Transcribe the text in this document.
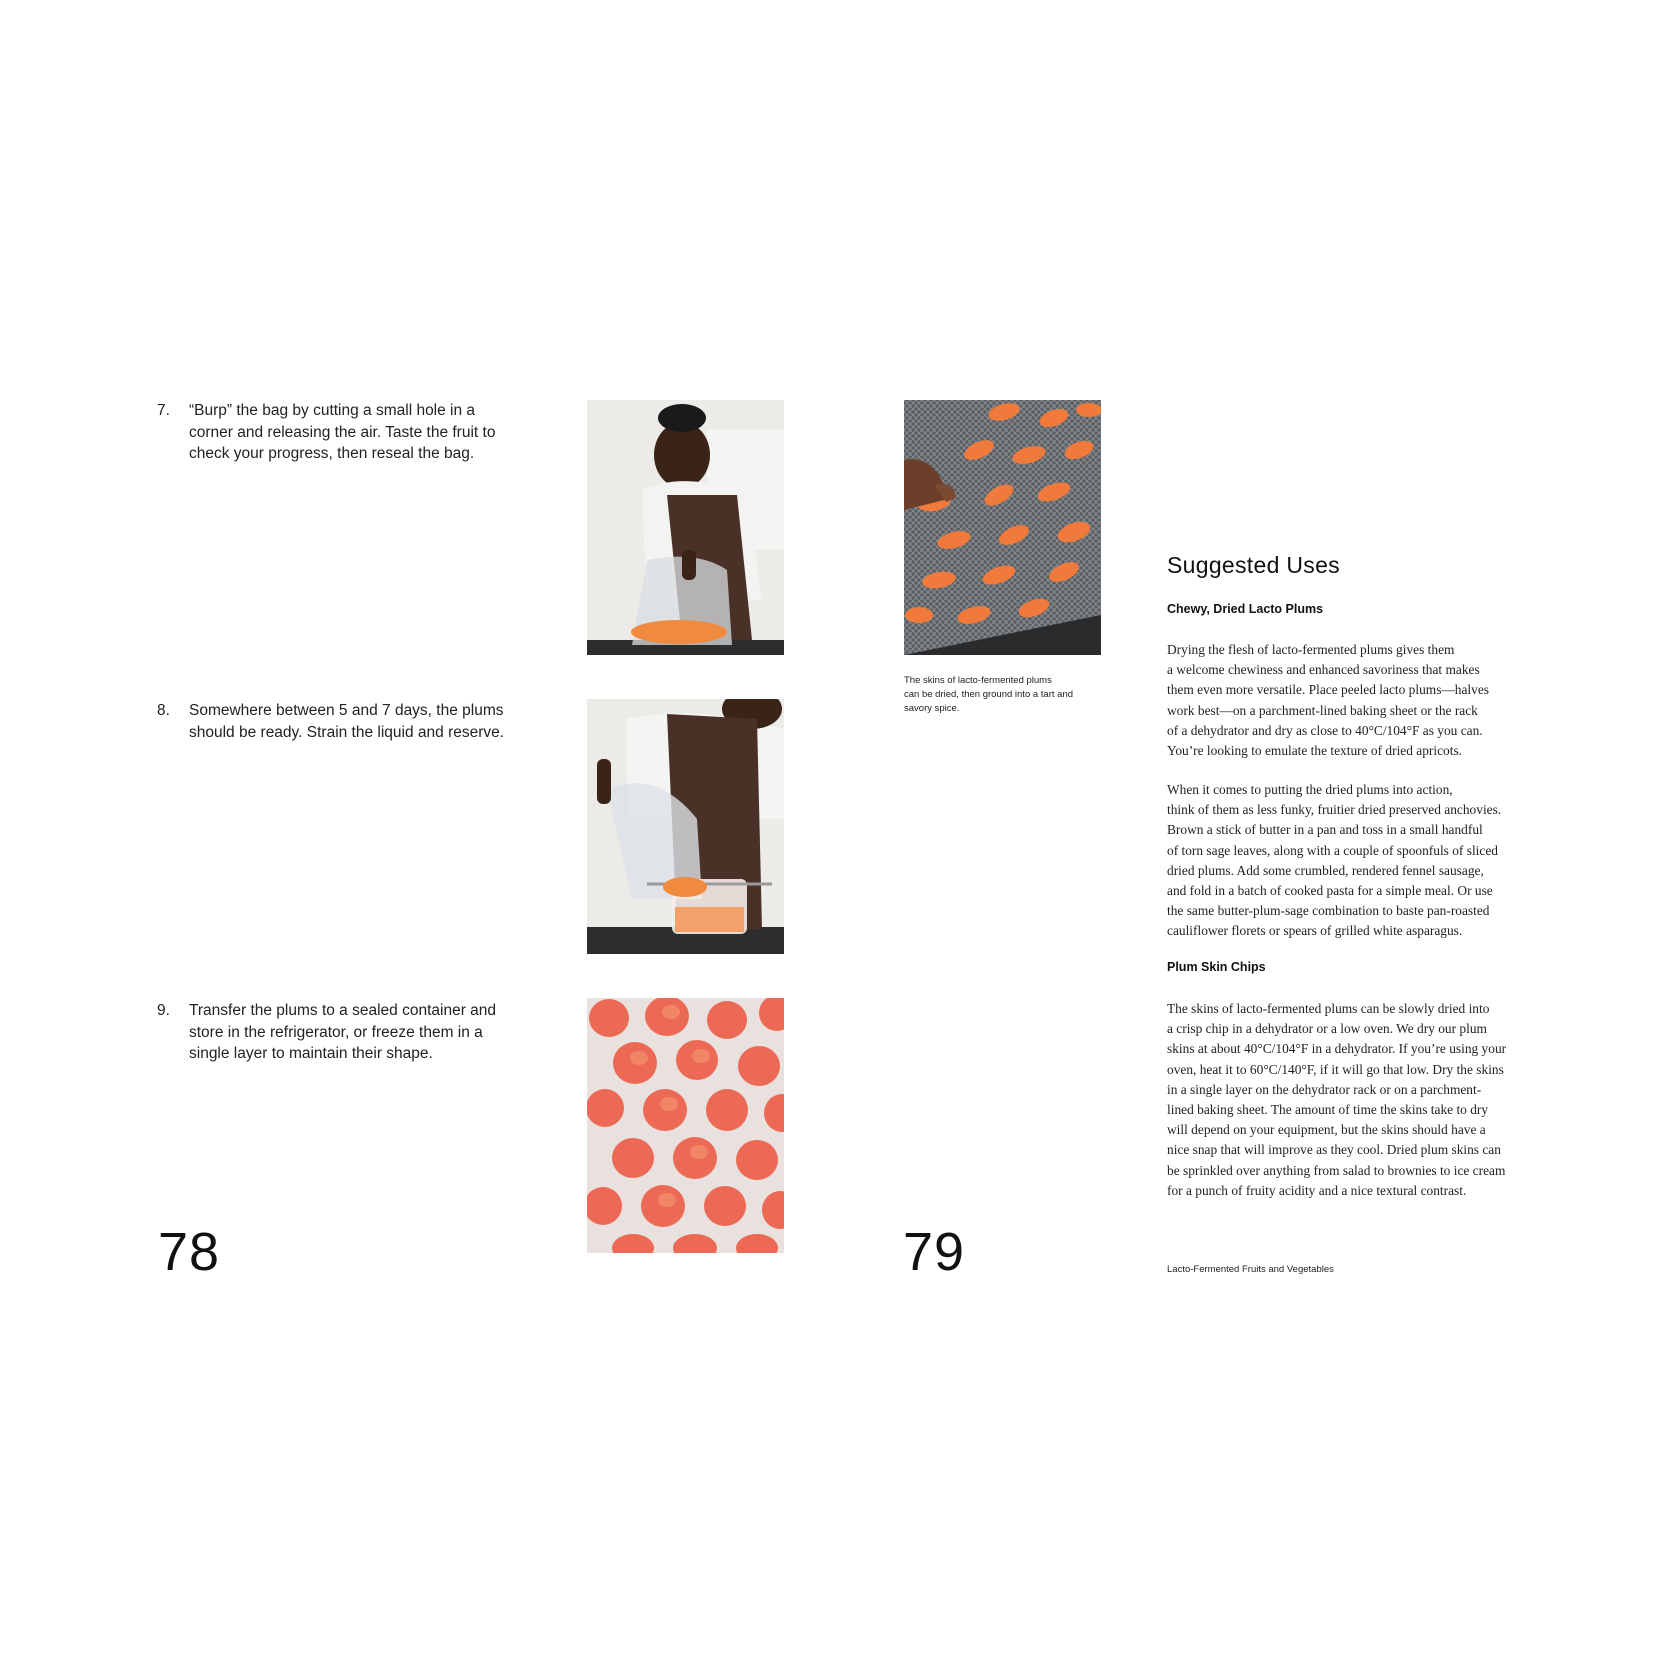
7.	“Burp” the bag by cutting a small hole in a corner and releasing the air. Taste the fruit to check your progress, then reseal the bag.
8.	Somewhere between 5 and 7 days, the plums should be ready. Strain the liquid and reserve.
9.	Transfer the plums to a sealed container and store in the refrigerator, or freeze them in a single layer to maintain their shape.
The skins of lacto-fermented plums
can be dried, then ground into a tart and
savory spice.
78	79
Suggested Uses
Chewy, Dried Lacto Plums
Drying the flesh of lacto-fermented plums gives them
a welcome chewiness and enhanced savoriness that makes
them even more versatile. Place peeled lacto plums—halves
work best—on a parchment-lined baking sheet or the rack
of a dehydrator and dry as close to 40°C/104°F as you can.
You’re looking to emulate the texture of dried apricots.
When it comes to putting the dried plums into action,
think of them as less funky, fruitier dried preserved anchovies.
Brown a stick of butter in a pan and toss in a small handful
of torn sage leaves, along with a couple of spoonfuls of sliced
dried plums. Add some crumbled, rendered fennel sausage,
and fold in a batch of cooked pasta for a simple meal. Or use
the same butter-plum-sage combination to baste pan-roasted
cauliflower florets or spears of grilled white asparagus.
Plum Skin Chips
The skins of lacto-fermented plums can be slowly dried into
a crisp chip in a dehydrator or a low oven. We dry our plum
skins at about 40°C/104°F in a dehydrator. If you’re using your
oven, heat it to 60°C/140°F, if it will go that low. Dry the skins
in a single layer on the dehydrator rack or on a parchment-
lined baking sheet. The amount of time the skins take to dry
will depend on your equipment, but the skins should have a
nice snap that will improve as they cool. Dried plum skins can
be sprinkled over anything from salad to brownies to ice cream
for a punch of fruity acidity and a nice textural contrast.
Lacto-Fermented Fruits and Vegetables
